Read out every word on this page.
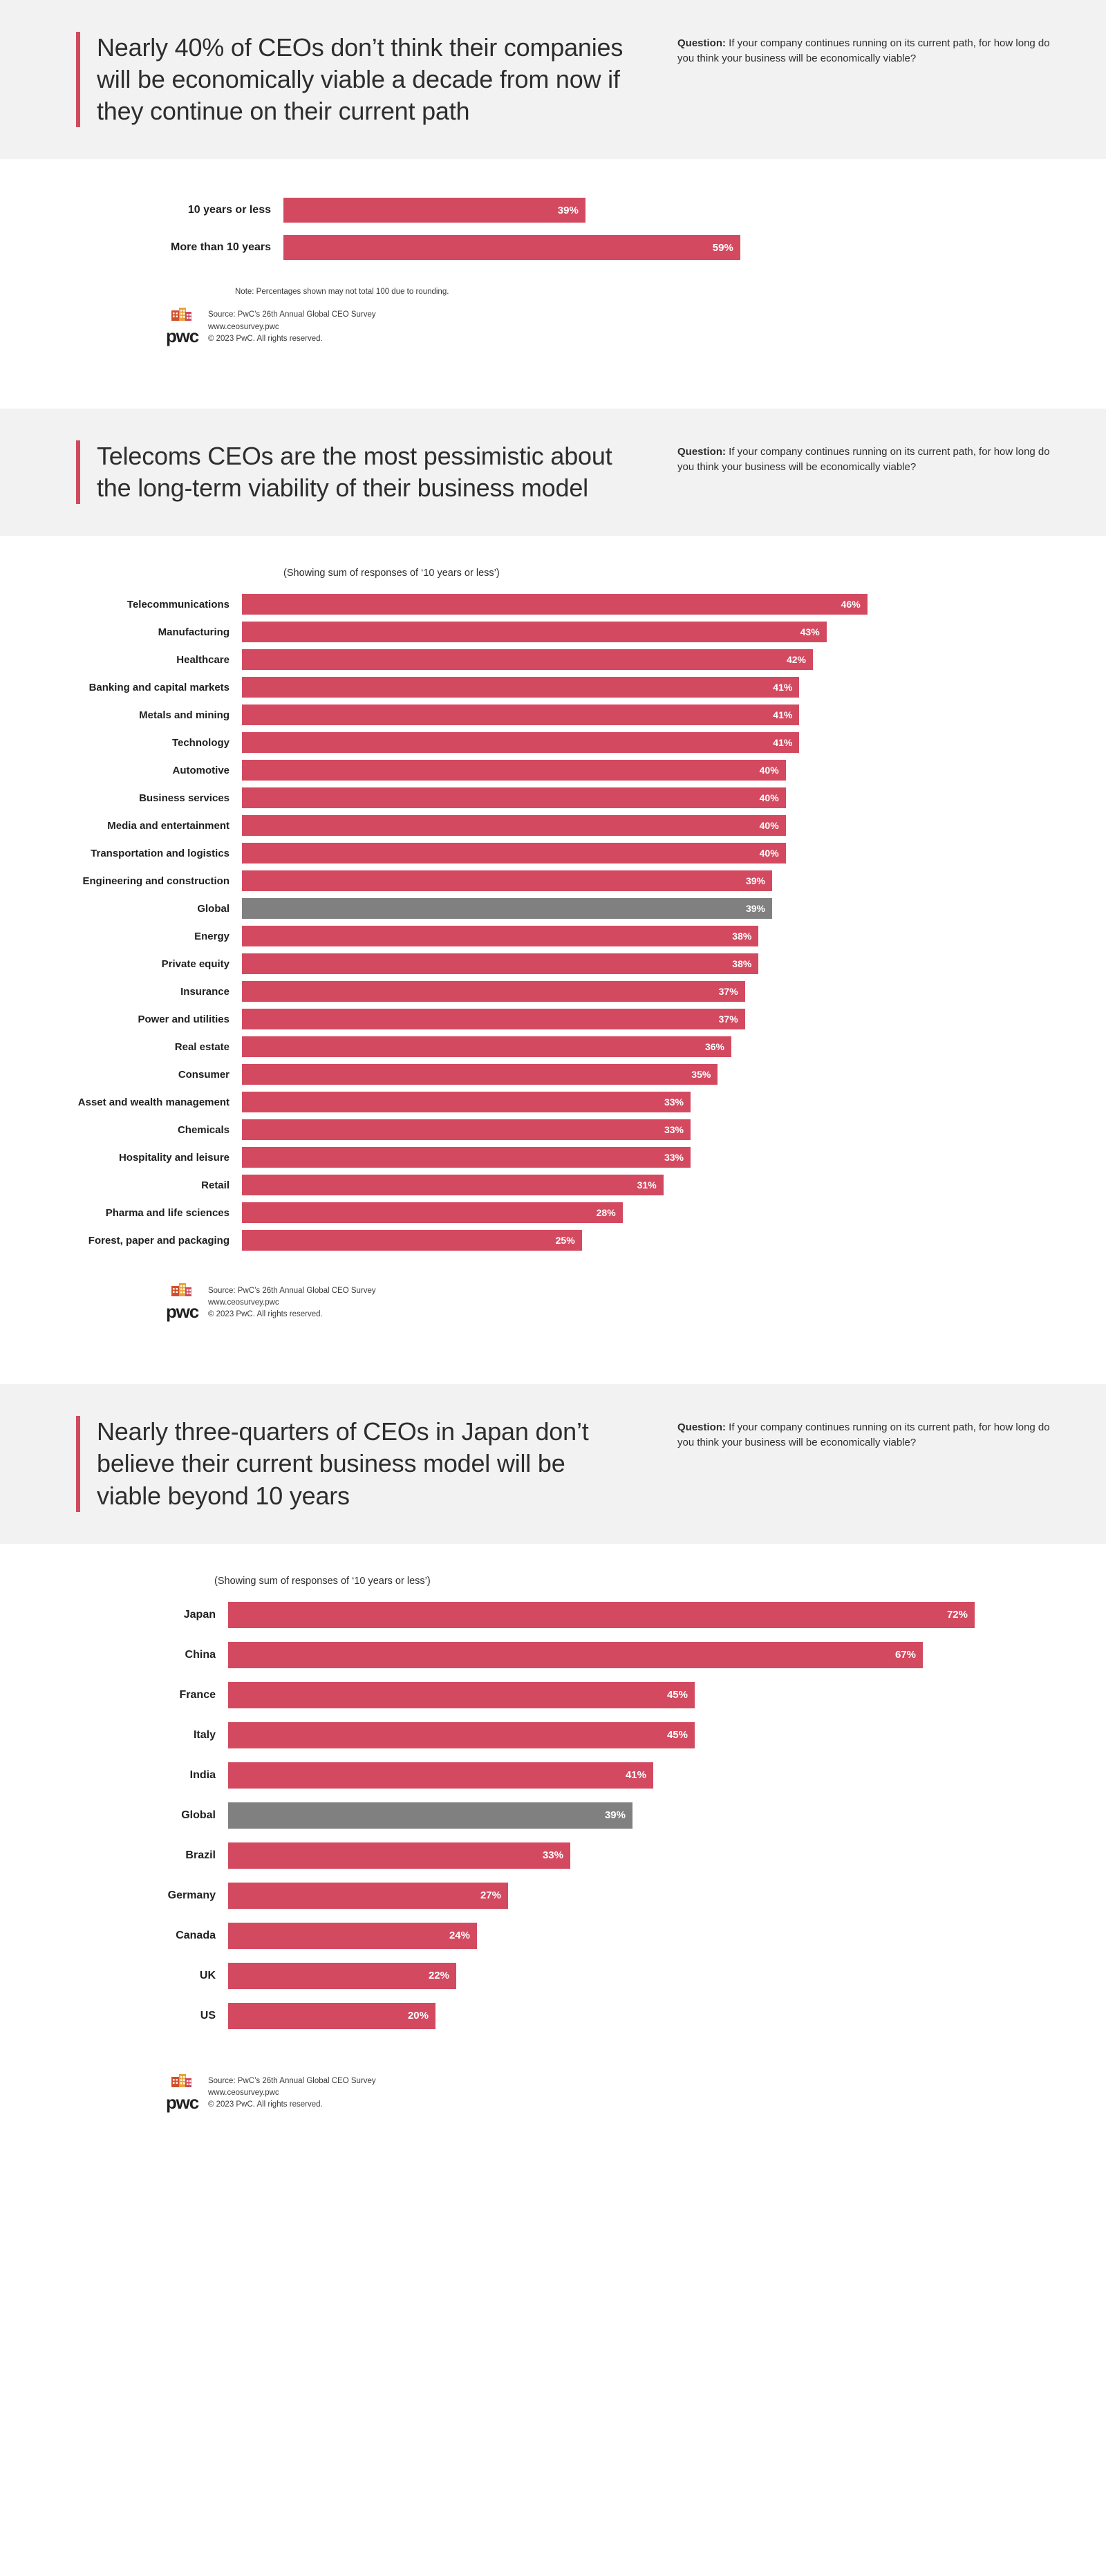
Nearly 40% of CEOs don’t think their companies will be economically viable a decade from now if they continue on their current path
Question: If your company continues running on its current path, for how long do you think your business will be economically viable?
10 years or less	39%
More than 10 years	59%
Note: Percentages shown may not total 100 due to rounding.
pwc
Source: PwC’s 26th Annual Global CEO Survey
www.ceosurvey.pwc
© 2023 PwC. All rights reserved.
Telecoms CEOs are the most pessimistic about the long-term viability of their business model
Question: If your company continues running on its current path, for how long do you think your business will be economically viable?
(Showing sum of responses of ‘10 years or less’)
Telecommunications	46%
Manufacturing	43%
Healthcare	42%
Banking and capital markets	41%
Metals and mining	41%
Technology	41%
Automotive	40%
Business services	40%
Media and entertainment	40%
Transportation and logistics	40%
Engineering and construction	39%
Global	39%
Energy	38%
Private equity	38%
Insurance	37%
Power and utilities	37%
Real estate	36%
Consumer	35%
Asset and wealth management	33%
Chemicals	33%
Hospitality and leisure	33%
Retail	31%
Pharma and life sciences	28%
Forest, paper and packaging	25%
pwc
Source: PwC’s 26th Annual Global CEO Survey
www.ceosurvey.pwc
© 2023 PwC. All rights reserved.
Nearly three-quarters of CEOs in Japan don’t believe their current business model will be viable beyond 10 years
Question: If your company continues running on its current path, for how long do you think your business will be economically viable?
(Showing sum of responses of ‘10 years or less’)
Japan	72%
China	67%
France	45%
Italy	45%
India	41%
Global	39%
Brazil	33%
Germany	27%
Canada	24%
UK	22%
US	20%
pwc
Source: PwC’s 26th Annual Global CEO Survey
www.ceosurvey.pwc
© 2023 PwC. All rights reserved.
